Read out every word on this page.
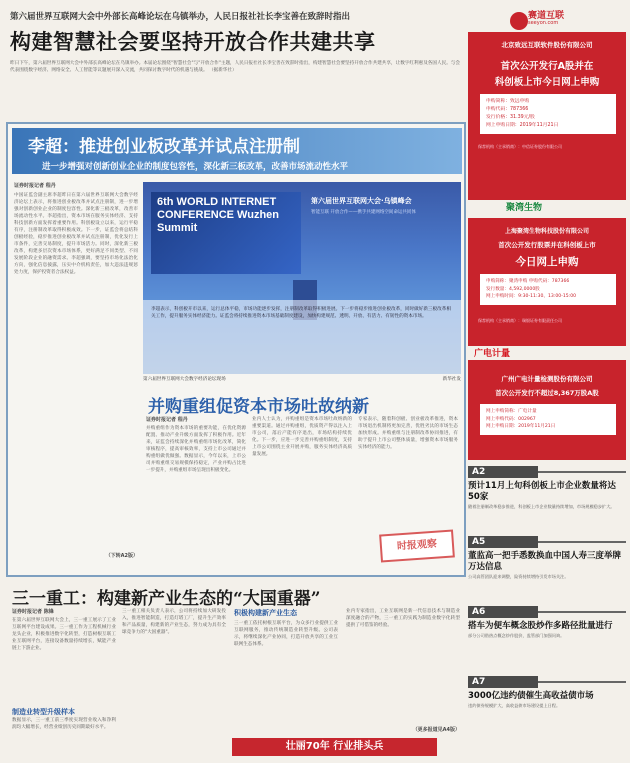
第六届世界互联网大会中外部长高峰论坛在乌镇举办，人民日报社社长李宝善在致辞时指出
构建智慧社会要坚持开放合作共建共享
昨日下午，第六届世界互联网大会中外部长高峰论坛在乌镇举办。本届论坛围绕"智慧社会"与"开放合作"主题，人民日报社社长李宝善在致辞时指出，构建智慧社会要坚持开放合作共建共享，让数字红利惠及各国人民。与会代表围绕数字经济、网络安全、人工智能等议题展开深入交流，共同探讨数字时代的机遇与挑战。 （据新华社）
李超：推进创业板改革并试点注册制
进一步增强对创新创业企业的制度包容性，深化新三板改革，改善市场流动性水平
证券时报记者 程丹
中国证监会副主席李超昨日在第六届世界互联网大会数字经济论坛上表示，将推进创业板改革并试点注册制，进一步增强对创新创业企业的制度包容性。深化新三板改革，改善市场流动性水平。李超指出，资本市场在服务实体经济、支持科技创新方面发挥着重要作用。科创板设立以来，运行平稳有序，注册制改革取得积极成效。下一步，证监会将总结科创板经验，稳步推进创业板改革并试点注册制，优化发行上市条件，完善交易制度，提升市场活力。同时，深化新三板改革，构建多层次资本市场体系，更好满足不同类型、不同发展阶段企业的融资需求。李超强调，要坚持市场化法治化方向，强化信息披露，压实中介机构责任，加大违法违规惩处力度，保护投资者合法权益。
（下转A2版）
6th WORLD INTERNET CONFERENCE Wuzhen Summit
第六届世界互联网大会·乌镇峰会
智能互联 开放合作——携手共建网络空间命运共同体
李超表示，科创板开市以来，运行总体平稳，市场功能逐步发挥，注册制改革取得积极进展。下一步将稳步推进创业板改革，同时做好新三板改革相关工作，提升服务实体经济能力。证监会将持续推进资本市场基础制度建设，加快构建规范、透明、开放、有活力、有韧性的资本市场。
第六届世界互联网大会数字经济论坛现场	新华社发
并购重组促资本市场吐故纳新
证券时报记者 程丹
并购重组作为资本市场的重要功能，在优化资源配置、推动产业升级方面发挥了积极作用。近年来，证监会持续深化并购重组市场化改革，简化审核程序，提高审核效率，支持上市公司通过并购重组做优做强。数据显示，今年以来，上市公司并购重组交易规模保持稳定，产业并购占比进一步提升，并购重组市场呈现出积极变化。
业内人士认为，并购重组是资本市场吐故纳新的重要渠道。通过并购重组，优质资产得以注入上市公司，落后产能有序退出，市场结构持续优化。下一步，应进一步完善并购重组制度，支持上市公司围绕主业开展并购，服务实体经济高质量发展。
专家表示，随着科创板、创业板改革推进，资本市场退出机制将更加完善，优胜劣汰的市场生态加快形成。并购重组与注册制改革协同推进，有助于提升上市公司整体质量，增强资本市场服务实体经济的能力。
时报观察
三一重工：构建新产业生态的“大国重器”
证券时报记者 陈锋
在第六届世界互联网大会上，三一重工展示了工业互联网平台建设成果。三一重工作为工程机械行业龙头企业，积极推进数字化转型，打造树根互联工业互联网平台，连接设备数量持续增长，赋能产业链上下游企业。
制造业转型升级样本
数据显示，三一重工前三季度实现营业收入和净利润均大幅增长，经营业绩创历史同期最好水平。
三一重工相关负责人表示，公司将持续加大研发投入，推进智能制造，打造灯塔工厂，提升生产效率和产品质量，构建新的产业生态，努力成为具有全球竞争力的"大国重器"。
积极构建新产业生态
三一重工依托树根互联平台，为众多行业提供工业互联网服务，推动传统制造业转型升级。公司表示，将继续深化产业协同，打造开放共享的工业互联网生态体系。
业内专家指出，工业互联网是新一代信息技术与制造业深度融合的产物，三一重工的实践为制造业数字化转型提供了可借鉴的经验。
（更多报道见A4版）
壮丽70年 行业排头兵
赛道互联
seeyon.com
北京致远互联软件股份有限公司
首次公开发行A股并在
科创板上市今日网上申购
申购简称：致远申购
申购代码：787366
发行价格：31.39元/股
网上申购日期：2019年11月21日
保荐机构（主承销商）：中信证券股份有限公司
聚湾生物
上海聚湾生物科技股份有限公司
首次公开发行股票并在科创板上市
今日网上申购
申购简称：聚湾申购 申购代码：787366
发行数量：4,592,0000股
网上申购时间：9:30-11:30、13:00-15:00
保荐机构（主承销商）：瑞银证券有限责任公司
广电计量
广州广电计量检测股份有限公司
首次公开发行不超过8,367万股A股
网上申购简称：广电计量
网上申购代码：002967
网上申购日期：2019年11月21日
A2
预计11月上旬科创板上市企业数量将达50家
随着注册制改革稳步推进，科创板上市企业数量持续增加，市场规模稳步扩大。
A5
董监高一把手悉数换血中国人寿三度举牌万达信息
公司高管团队迎来调整，险资持续增持引发市场关注。
A6
搭车为便车概念股炒作多路径批量进行
部分公司借热点概念炒作股价，监管部门加强问询。
A7
3000亿违约债催生高收益债市场
违约债券规模扩大，高收益债市场建设提上日程。
